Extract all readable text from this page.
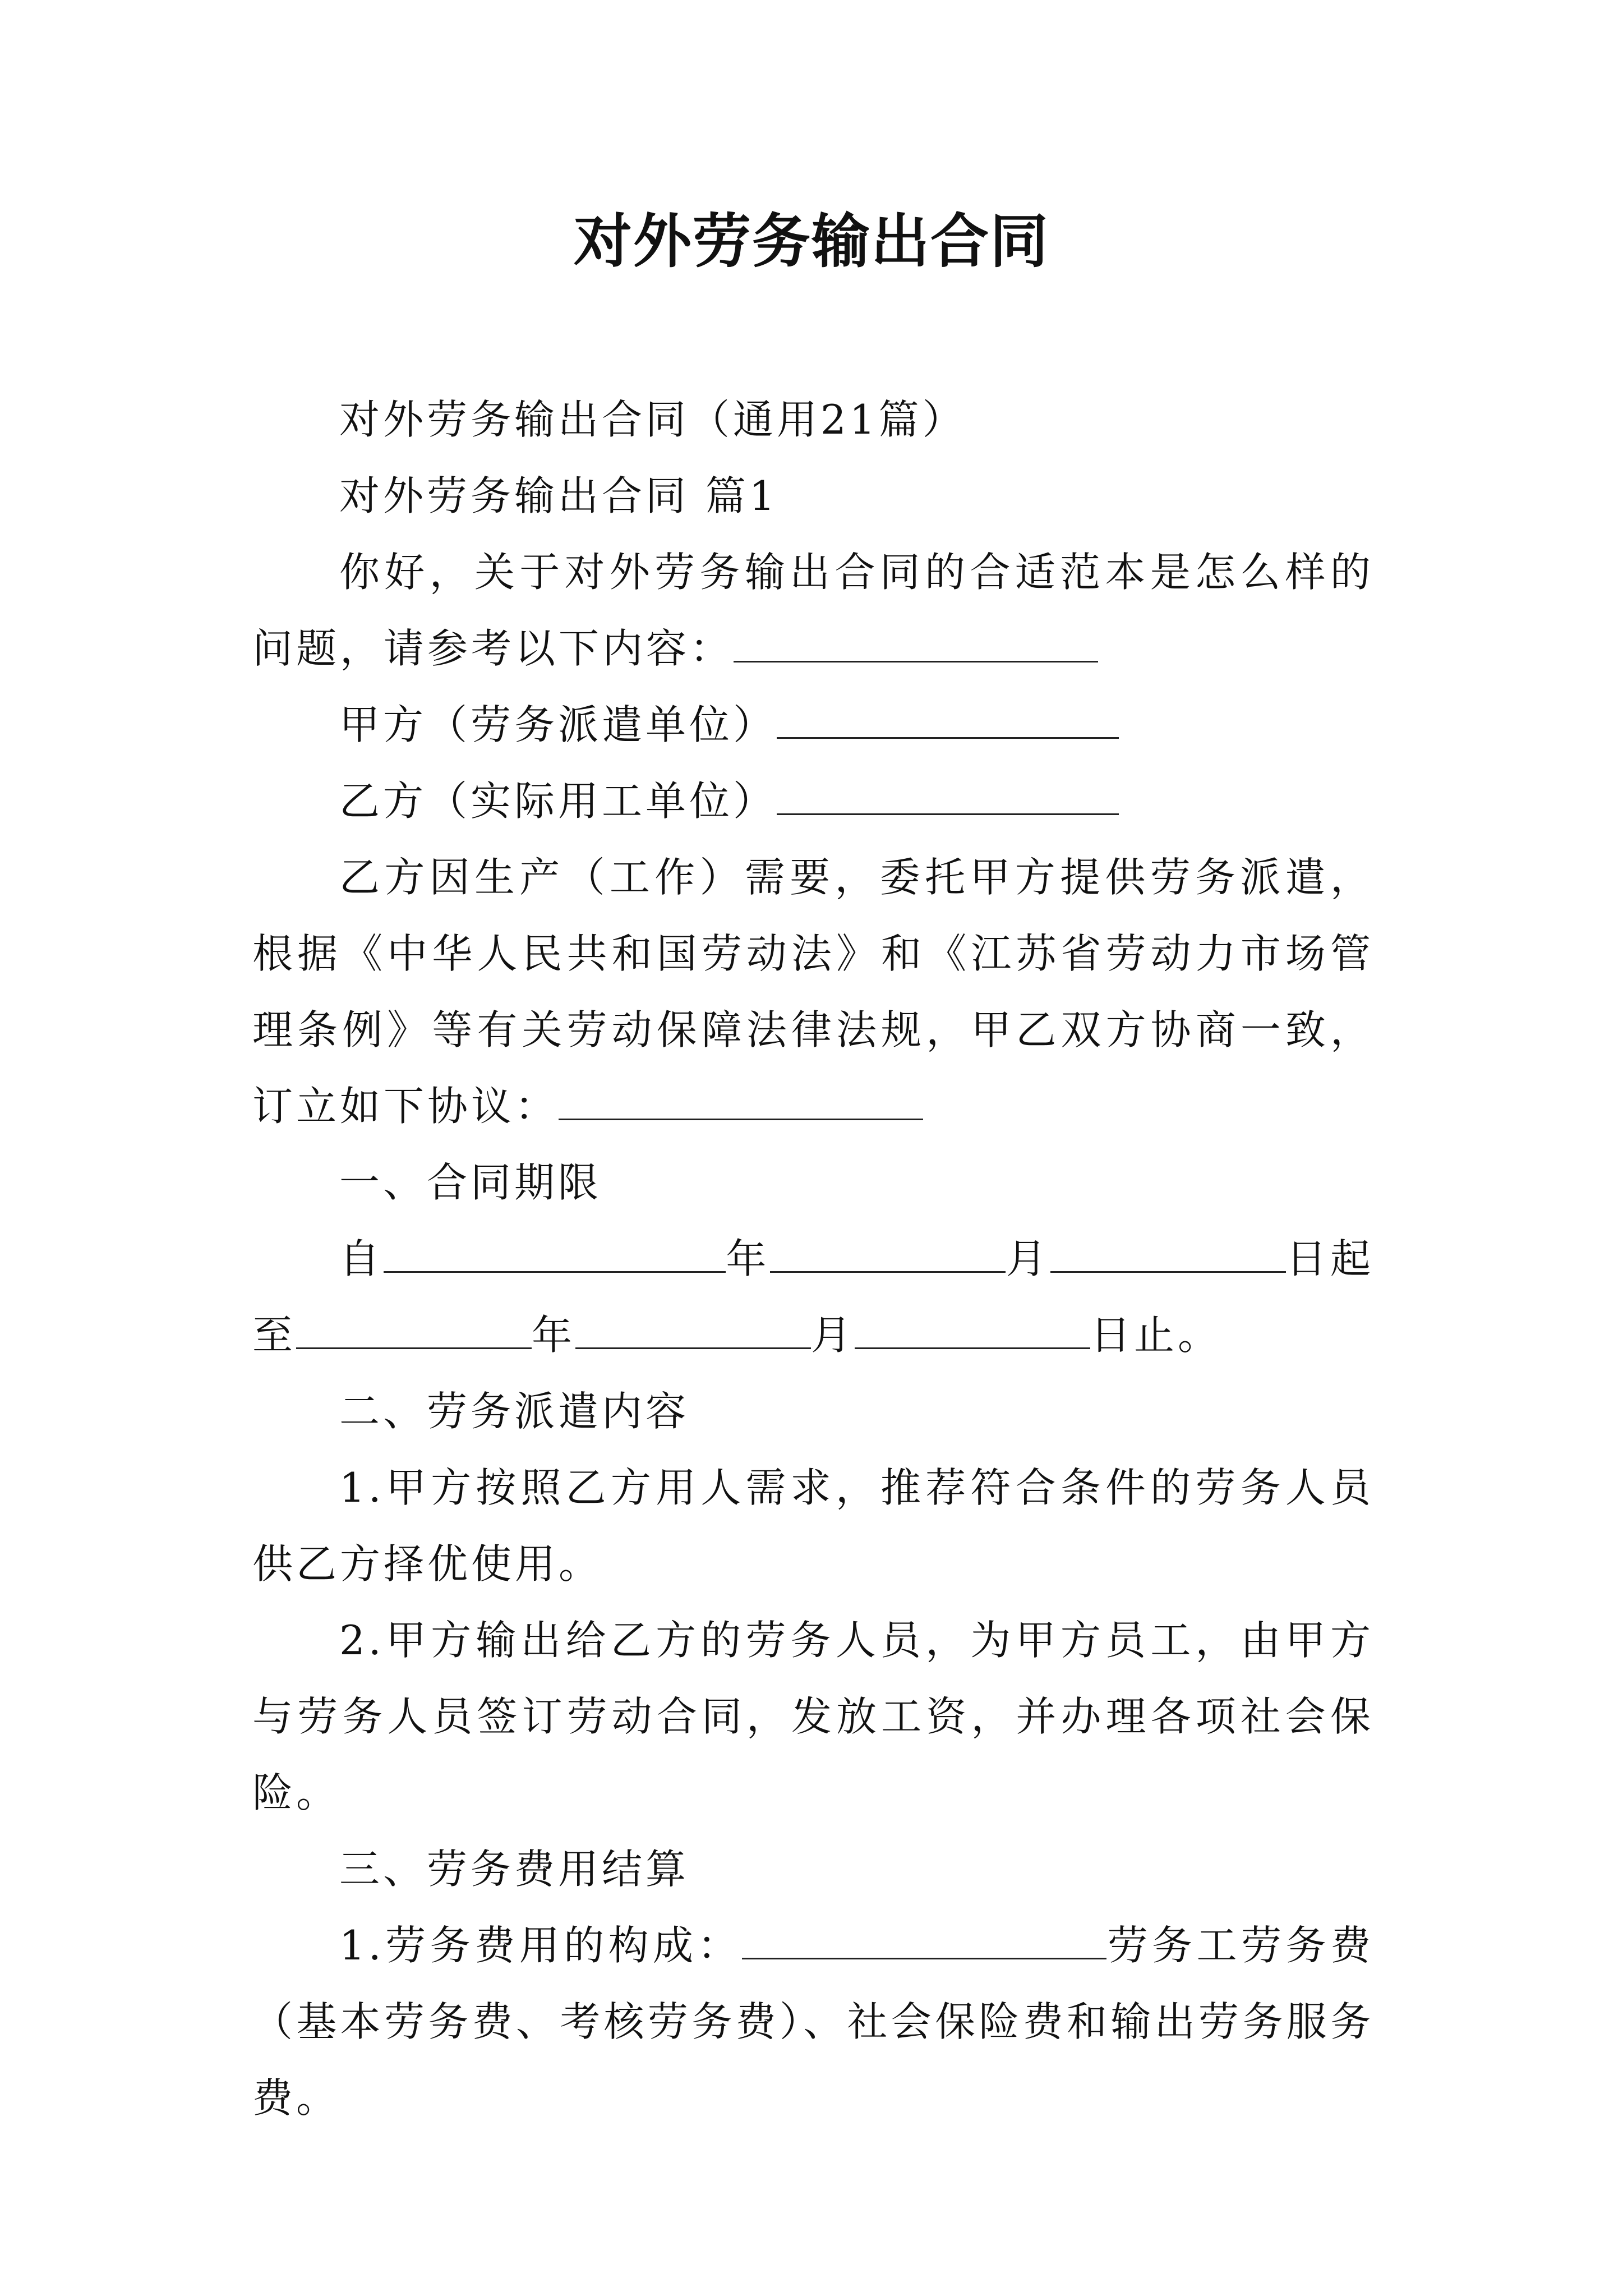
对外劳务输出合同

对外劳务输出合同（通用21篇）

对外劳务输出合同 篇1

你好，关于对外劳务输出合同的合适范本是怎么样的问题，请参考以下内容：

甲方（劳务派遣单位）

乙方（实际用工单位）

乙方因生产（工作）需要，委托甲方提供劳务派遣，根据《中华人民共和国劳动法》和《江苏省劳动力市场管理条例》等有关劳动保障法律法规，甲乙双方协商一致，订立如下协议：

一、合同期限

自	年	月	日起至	年	月	日止。

二、劳务派遣内容

1.甲方按照乙方用人需求，推荐符合条件的劳务人员供乙方择优使用。

2.甲方输出给乙方的劳务人员，为甲方员工，由甲方与劳务人员签订劳动合同，发放工资，并办理各项社会保险。

三、劳务费用结算

1.劳务费用的构成：	劳务工劳务费（基本劳务费、考核劳务费）、社会保险费和输出劳务服务费。
